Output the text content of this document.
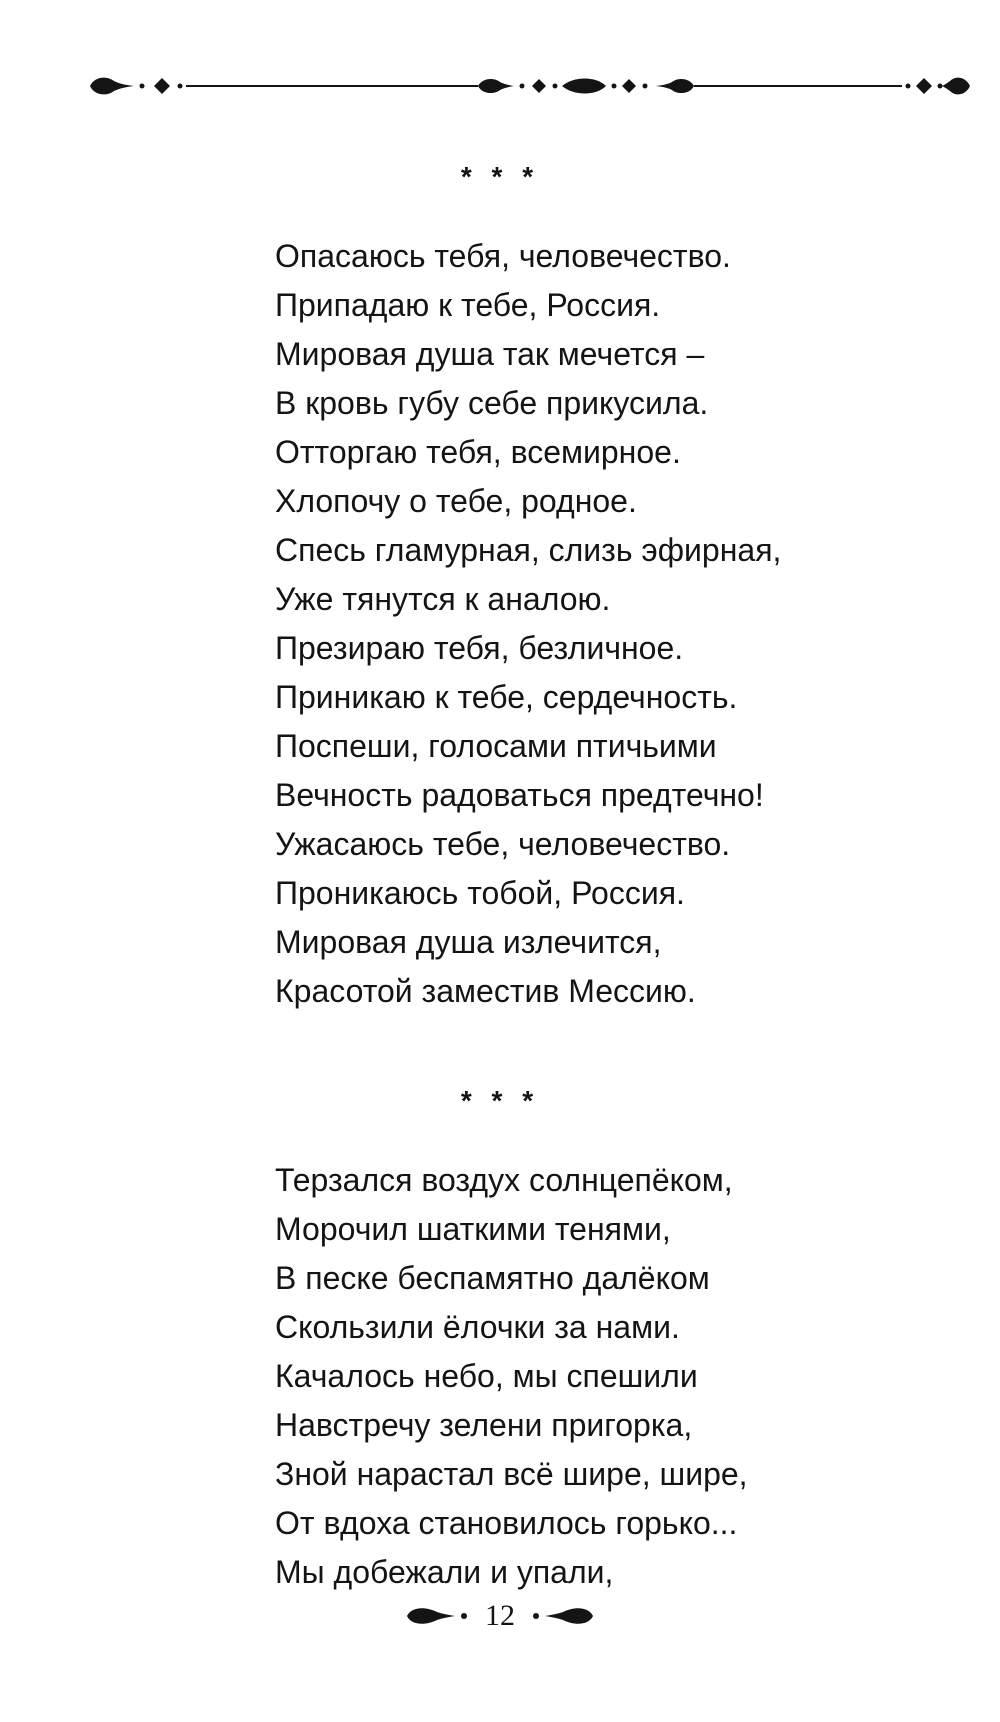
* * *
Опасаюсь тебя, человечество.
Припадаю к тебе, Россия.
Мировая душа так мечется –
В кровь губу себе прикусила.
Отторгаю тебя, всемирное.
Хлопочу о тебе, родное.
Спесь гламурная, слизь эфирная,
Уже тянутся к аналою.
Презираю тебя, безличное.
Приникаю к тебе, сердечность.
Поспеши, голосами птичьими
Вечность радоваться предтечно!
Ужасаюсь тебе, человечество.
Проникаюсь тобой, Россия.
Мировая душа излечится,
Красотой заместив Мессию.
* * *
Терзался воздух солнцепёком,
Морочил шаткими тенями,
В песке беспамятно далёком
Скользили ёлочки за нами.
Качалось небо, мы спешили
Навстречу зелени пригорка,
Зной нарастал всё шире, шире,
От вдоха становилось горько...
Мы добежали и упали,
12
